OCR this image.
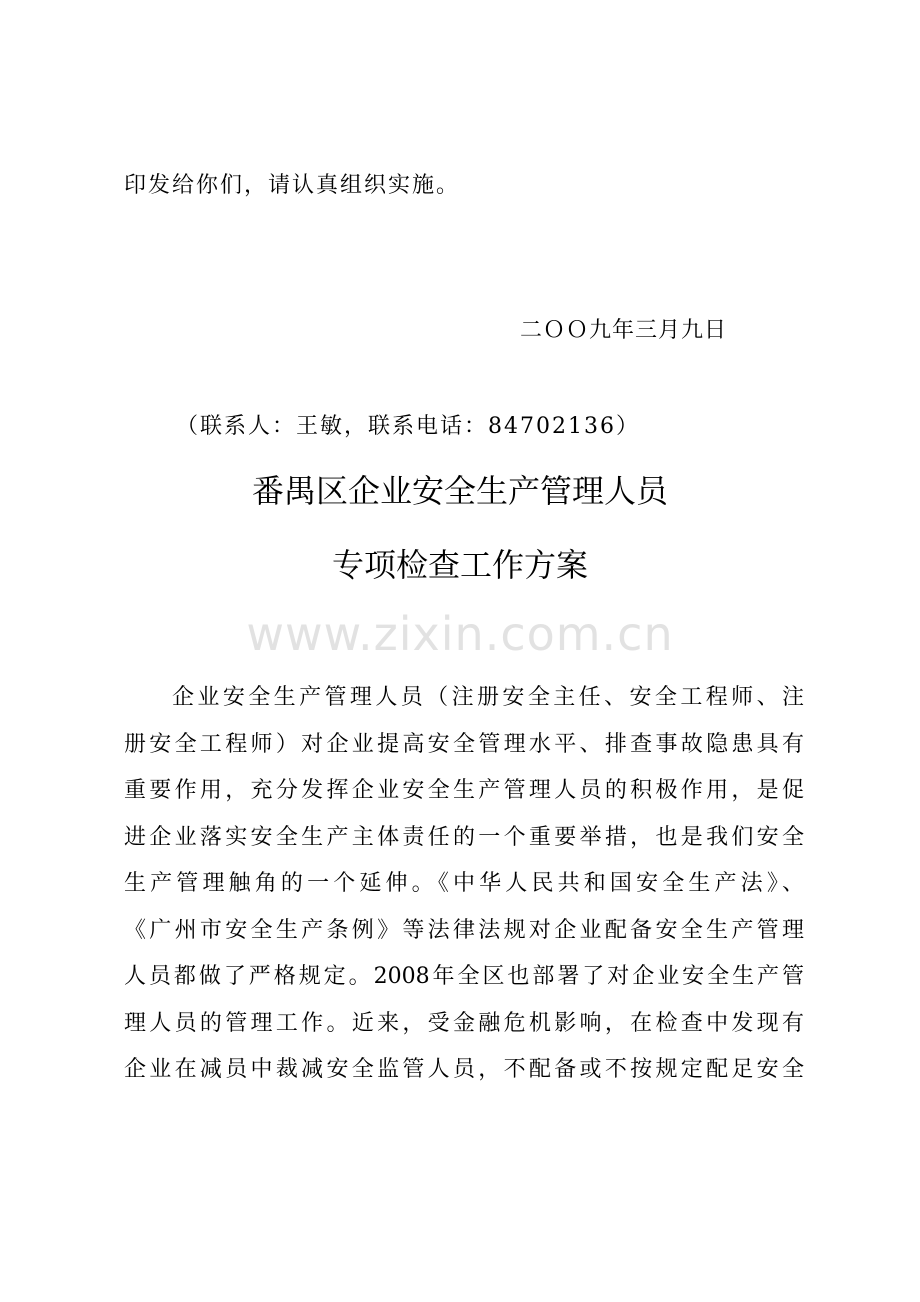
印发给你们，请认真组织实施。
二ＯＯ九年三月九日
（联系人：王敏，联系电话：84702136）
番禺区企业安全生产管理人员
专项检查工作方案
www.zixin.com.cn
企业安全生产管理人员（注册安全主任、安全工程师、注
册安全工程师）对企业提高安全管理水平、排查事故隐患具有
重要作用，充分发挥企业安全生产管理人员的积极作用，是促
进企业落实安全生产主体责任的一个重要举措，也是我们安全
生产管理触角的一个延伸。《中华人民共和国安全生产法》、
《广州市安全生产条例》等法律法规对企业配备安全生产管理
人员都做了严格规定。2008年全区也部署了对企业安全生产管
理人员的管理工作。近来，受金融危机影响，在检查中发现有
企业在减员中裁减安全监管人员，不配备或不按规定配足安全
